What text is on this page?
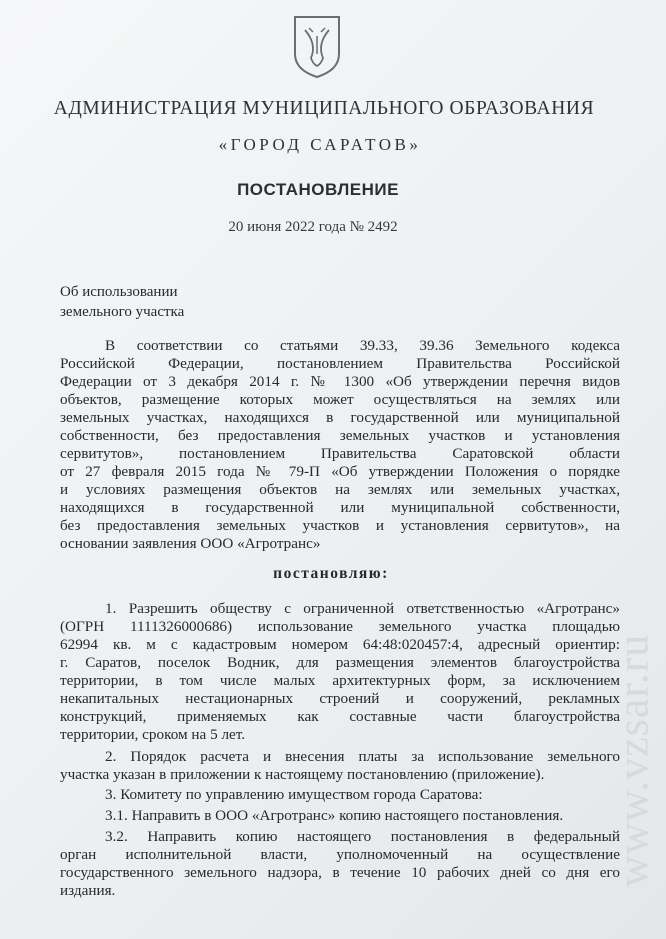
АДМИНИСТРАЦИЯ МУНИЦИПАЛЬНОГО ОБРАЗОВАНИЯ
«ГОРОД САРАТОВ»
ПОСТАНОВЛЕНИЕ
20 июня 2022 года № 2492
Об использовании
земельного участка
В соответствии со статьями 39.33, 39.36 Земельного кодекса
Российской Федерации, постановлением Правительства Российской
Федерации от 3 декабря 2014 г. № 1300 «Об утверждении перечня видов
объектов, размещение которых может осуществляться на землях или
земельных участках, находящихся в государственной или муниципальной
собственности, без предоставления земельных участков и установления
сервитутов», постановлением Правительства Саратовской области
от 27 февраля 2015 года № 79-П «Об утверждении Положения о порядке
и условиях размещения объектов на землях или земельных участках,
находящихся в государственной или муниципальной собственности,
без предоставления земельных участков и установления сервитутов», на
основании заявления ООО «Агротранс»
постановляю:
1. Разрешить обществу с ограниченной ответственностью «Агротранс»
(ОГРН 1111326000686) использование земельного участка площадью
62994 кв. м с кадастровым номером 64:48:020457:4, адресный ориентир:
г. Саратов, поселок Водник, для размещения элементов благоустройства
территории, в том числе малых архитектурных форм, за исключением
некапитальных нестационарных строений и сооружений, рекламных
конструкций, применяемых как составные части благоустройства
территории, сроком на 5 лет.
2. Порядок расчета и внесения платы за использование земельного
участка указан в приложении к настоящему постановлению (приложение).
3. Комитету по управлению имуществом города Саратова:
3.1. Направить в ООО «Агротранс» копию настоящего постановления.
3.2. Направить копию настоящего постановления в федеральный
орган исполнительной власти, уполномоченный на осуществление
государственного земельного надзора, в течение 10 рабочих дней со дня его
издания.
www.vzsar.ru
